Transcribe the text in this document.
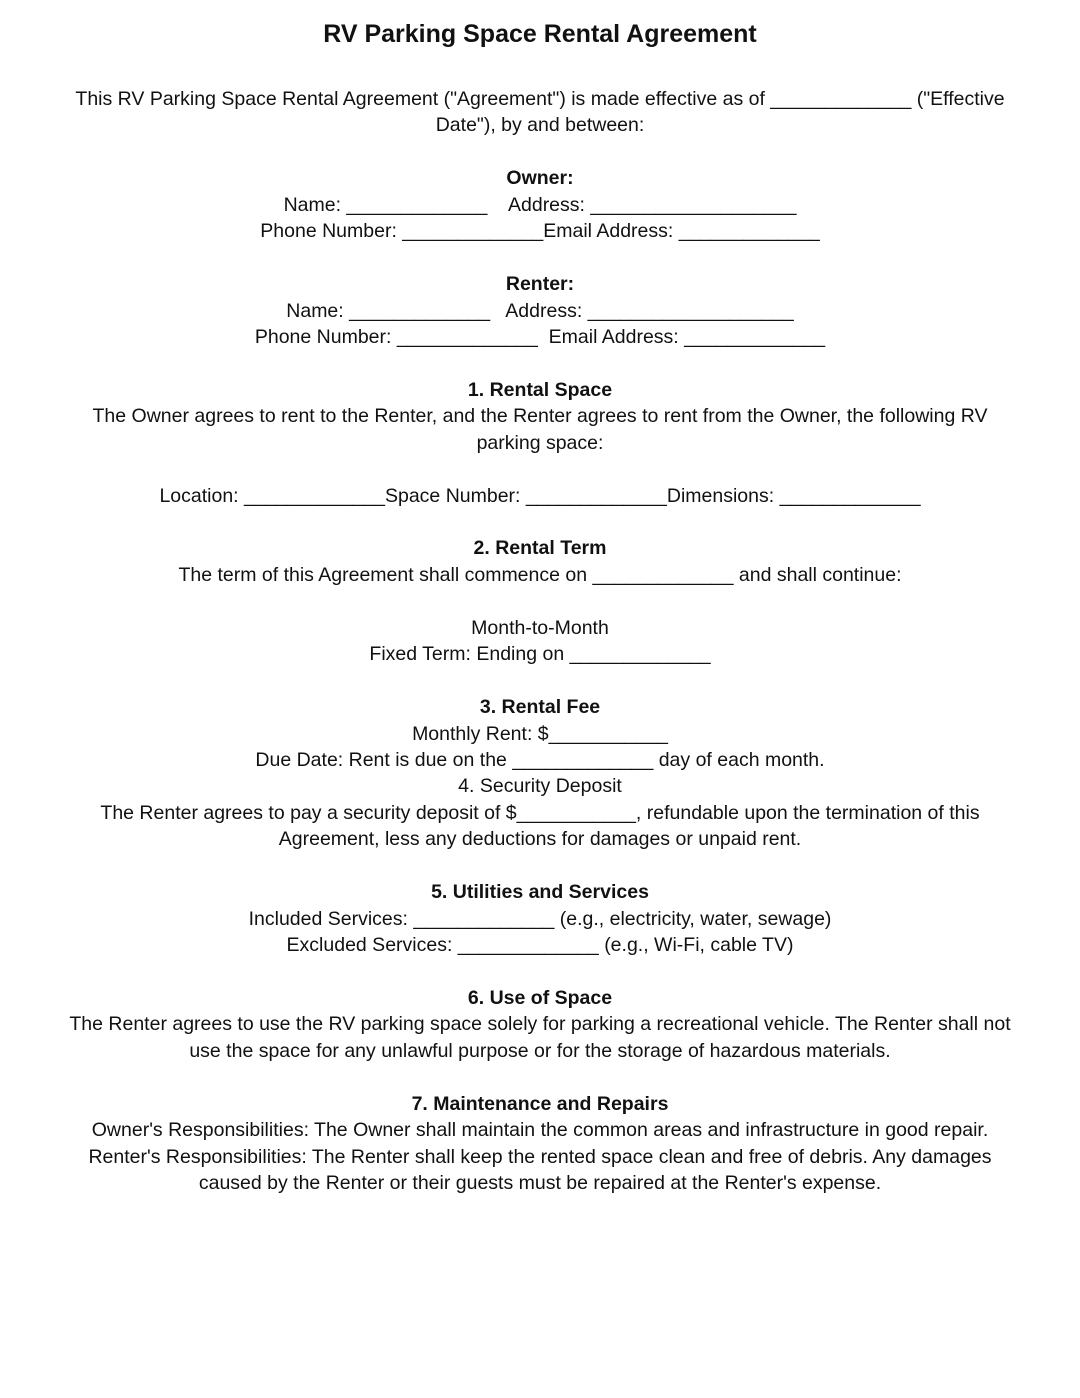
RV Parking Space Rental Agreement
This RV Parking Space Rental Agreement ("Agreement") is made effective as of _____________ ("Effective
Date"), by and between:
Owner:
Name: _____________    Address: ___________________
Phone Number: _____________Email Address: _____________
Renter:
Name: _____________   Address: ___________________
Phone Number: _____________  Email Address: _____________
1. Rental Space
The Owner agrees to rent to the Renter, and the Renter agrees to rent from the Owner, the following RV
parking space:
Location: _____________Space Number: _____________Dimensions: _____________
2. Rental Term
The term of this Agreement shall commence on _____________ and shall continue:
Month-to-Month
Fixed Term: Ending on _____________
3. Rental Fee
Monthly Rent: $___________
Due Date: Rent is due on the _____________ day of each month.
4. Security Deposit
The Renter agrees to pay a security deposit of $___________, refundable upon the termination of this
Agreement, less any deductions for damages or unpaid rent.
5. Utilities and Services
Included Services: _____________ (e.g., electricity, water, sewage)
Excluded Services: _____________ (e.g., Wi-Fi, cable TV)
6. Use of Space
The Renter agrees to use the RV parking space solely for parking a recreational vehicle. The Renter shall not
use the space for any unlawful purpose or for the storage of hazardous materials.
7. Maintenance and Repairs
Owner's Responsibilities: The Owner shall maintain the common areas and infrastructure in good repair.
Renter's Responsibilities: The Renter shall keep the rented space clean and free of debris. Any damages
caused by the Renter or their guests must be repaired at the Renter's expense.
